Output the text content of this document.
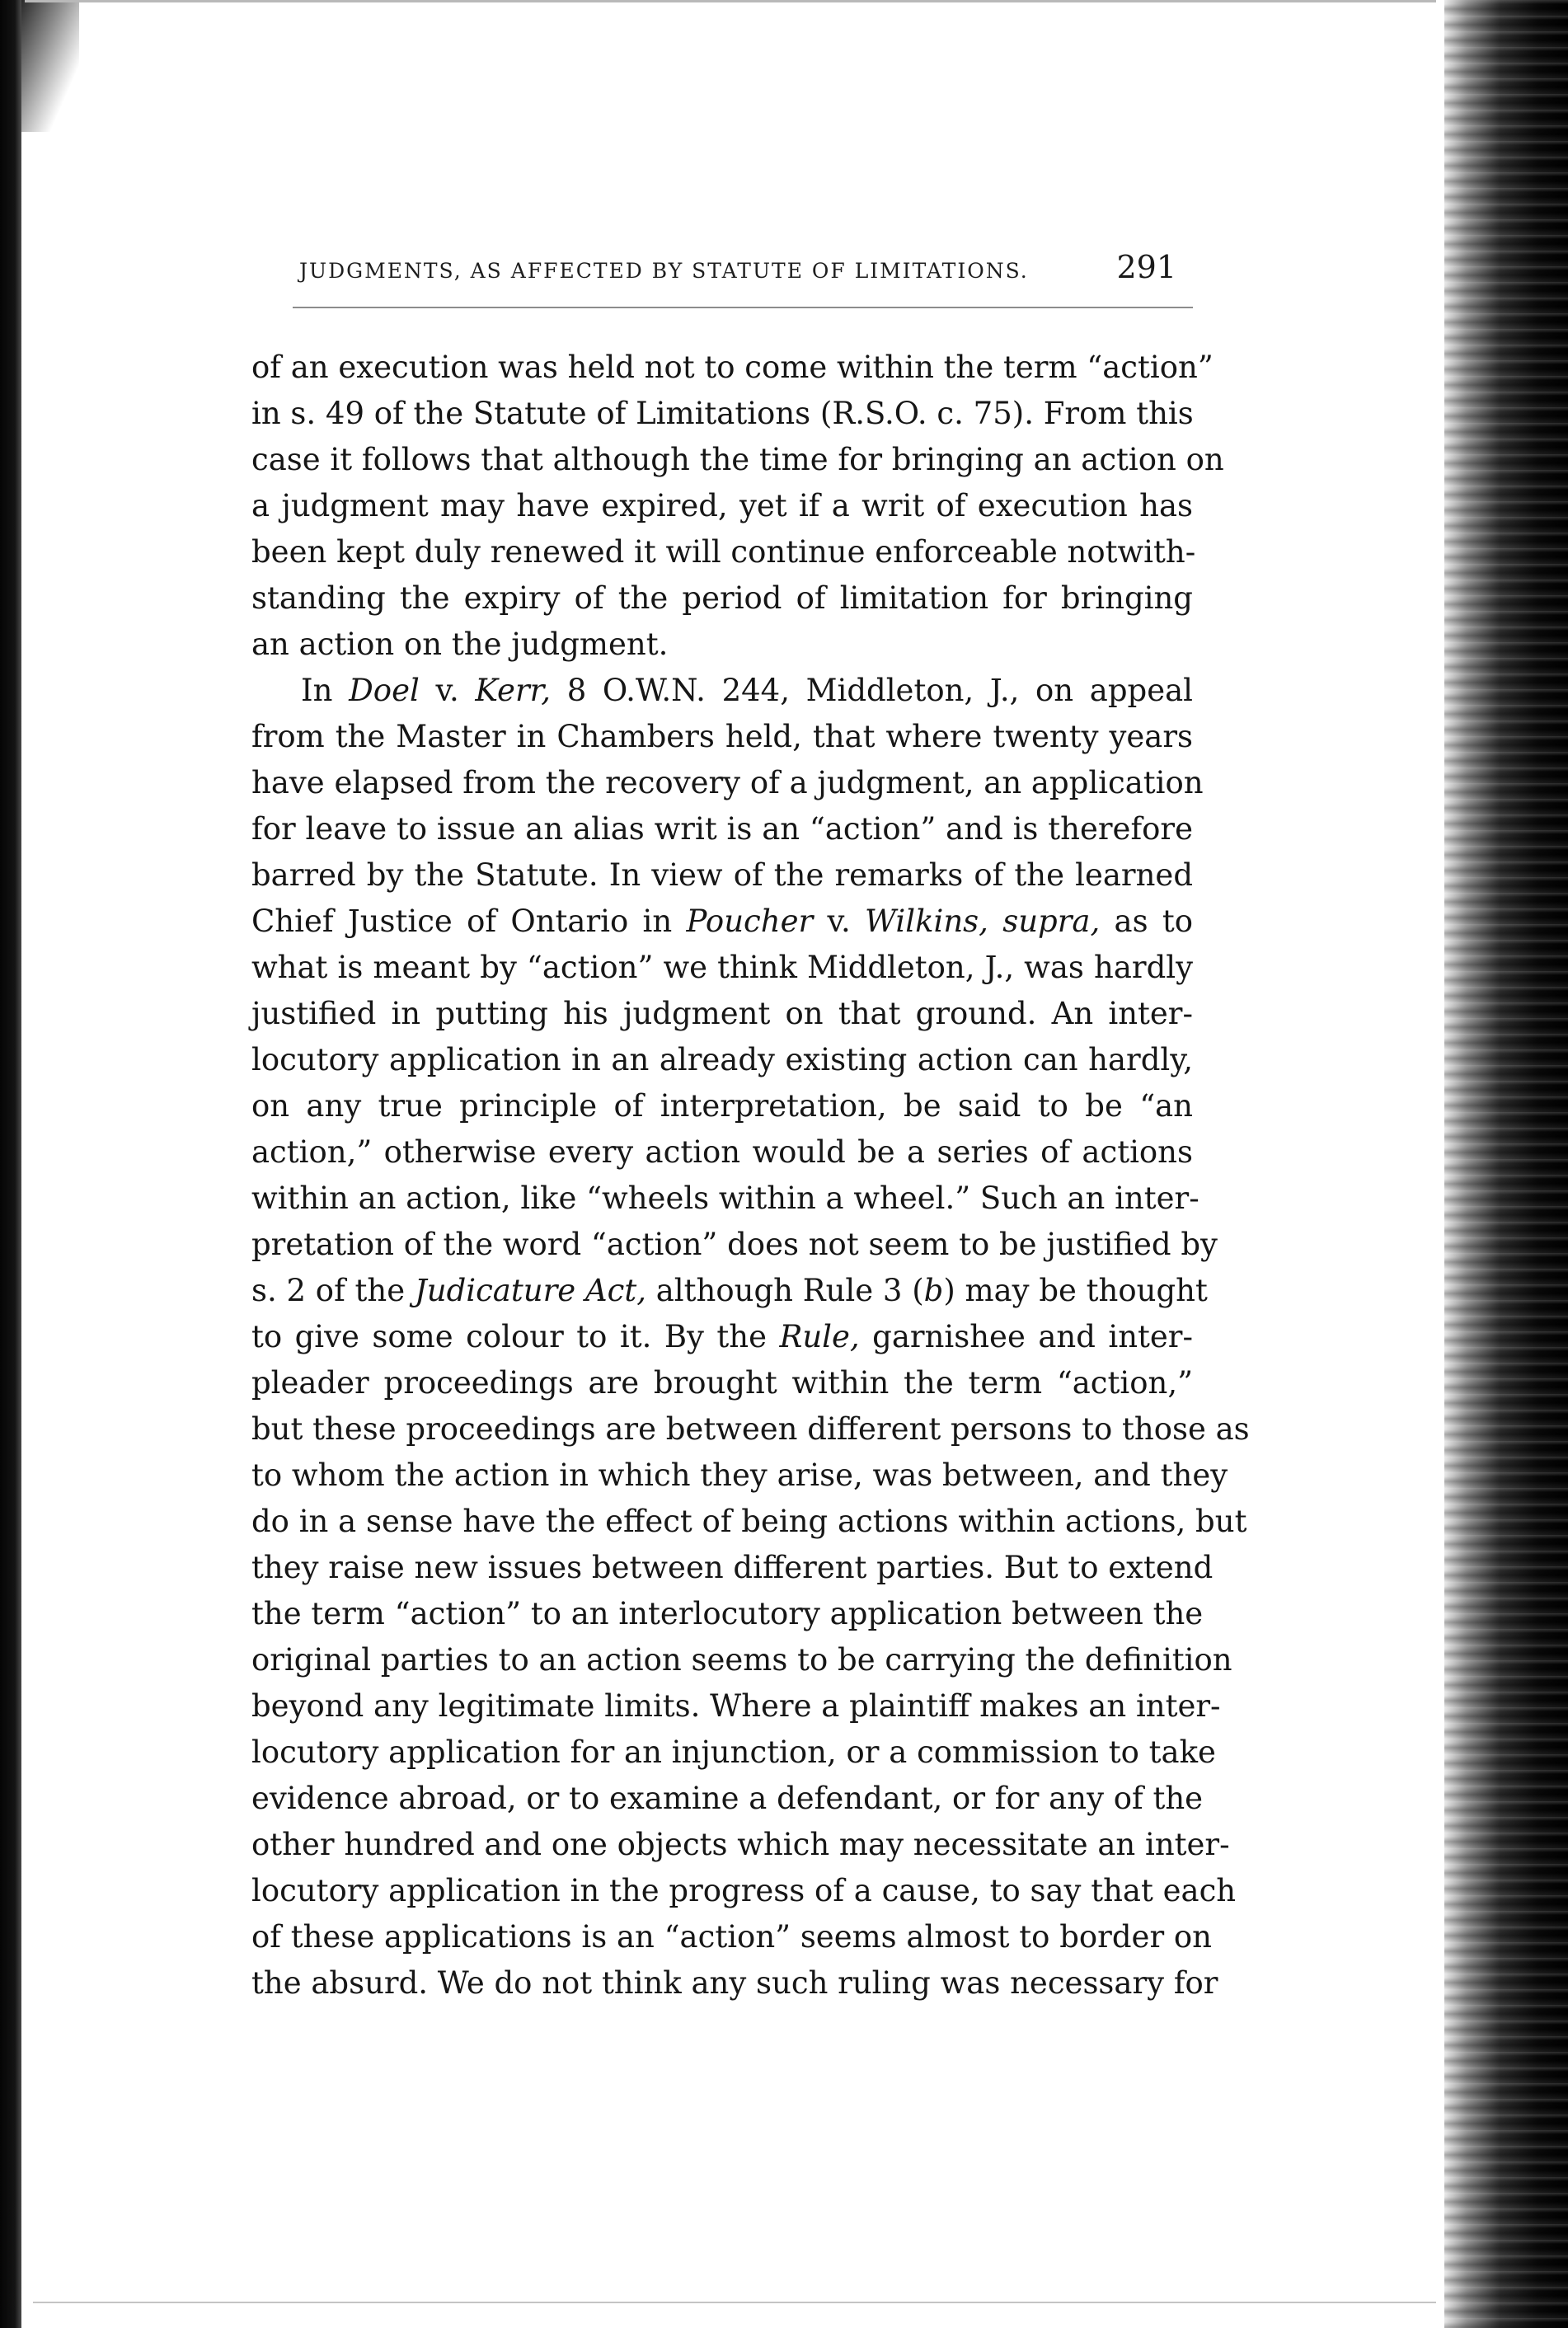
JUDGMENTS, AS AFFECTED BY STATUTE OF LIMITATIONS.	291
of an execution was held not to come within the term “action”
in s. 49 of the Statute of Limitations (R.S.O. c. 75). From this
case it follows that although the time for bringing an action on
a judgment may have expired, yet if a writ of execution has
been kept duly renewed it will continue enforceable notwith-
standing the expiry of the period of limitation for bringing
an action on the judgment.
In Doel v. Kerr, 8 O.W.N. 244, Middleton, J., on appeal
from the Master in Chambers held, that where twenty years
have elapsed from the recovery of a judgment, an application
for leave to issue an alias writ is an “action” and is therefore
barred by the Statute. In view of the remarks of the learned
Chief Justice of Ontario in Poucher v. Wilkins, supra, as to
what is meant by “action” we think Middleton, J., was hardly
justified in putting his judgment on that ground. An inter-
locutory application in an already existing action can hardly,
on any true principle of interpretation, be said to be “an
action,” otherwise every action would be a series of actions
within an action, like “wheels within a wheel.” Such an inter-
pretation of the word “action” does not seem to be justified by
s. 2 of the Judicature Act, although Rule 3 (b) may be thought
to give some colour to it. By the Rule, garnishee and inter-
pleader proceedings are brought within the term “action,”
but these proceedings are between different persons to those as
to whom the action in which they arise, was between, and they
do in a sense have the effect of being actions within actions, but
they raise new issues between different parties. But to extend
the term “action” to an interlocutory application between the
original parties to an action seems to be carrying the definition
beyond any legitimate limits. Where a plaintiff makes an inter-
locutory application for an injunction, or a commission to take
evidence abroad, or to examine a defendant, or for any of the
other hundred and one objects which may necessitate an inter-
locutory application in the progress of a cause, to say that each
of these applications is an “action” seems almost to border on
the absurd. We do not think any such ruling was necessary for
